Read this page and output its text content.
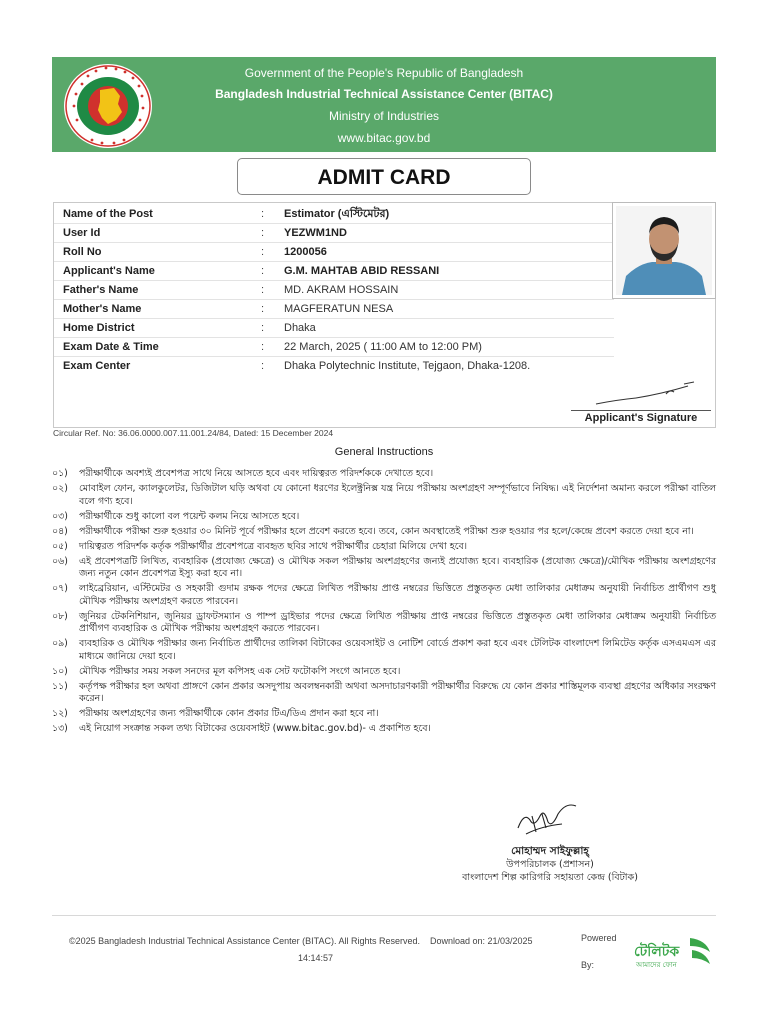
Government of the People's Republic of Bangladesh
Bangladesh Industrial Technical Assistance Center (BITAC)
Ministry of Industries
www.bitac.gov.bd
ADMIT CARD
Name of the Post	: Estimator (এস্টিমেটর)
User Id	: YEZWM1ND
Roll No	: 1200056
Applicant's Name	: G.M. MAHTAB ABID RESSANI
Father's Name	: MD. AKRAM HOSSAIN
Mother's Name	: MAGFERATUN NESA
Home District	: Dhaka
Exam Date & Time	: 22 March, 2025 ( 11:00 AM to 12:00 PM)
Exam Center	: Dhaka Polytechnic Institute, Tejgaon, Dhaka-1208.
Applicant's Signature
Circular Ref. No: 36.06.0000.007.11.001.24/84, Dated: 15 December 2024
General Instructions
০১)	পরীক্ষার্থীকে অবশ্যই প্রবেশপত্র সাথে নিয়ে আসতে হবে এবং দায়িত্বরত পরিদর্শককে দেখাতে হবে।
০২)	মোবাইল ফোন, ক্যালকুলেটর, ডিজিটাল ঘড়ি অথবা যে কোনো ধরণের ইলেক্ট্রনিক্স যন্ত্র নিয়ে পরীক্ষায় অংশগ্রহণ সম্পূর্ণভাবে নিষিদ্ধ। এই নির্দেশনা অমান্য করলে পরীক্ষা বাতিল বলে গণ্য হবে।
০৩)	পরীক্ষার্থীকে শুধু কালো বল পয়েন্ট কলম নিয়ে আসতে হবে।
০৪)	পরীক্ষার্থীকে পরীক্ষা শুরু হওয়ার ৩০ মিনিট পূর্বে পরীক্ষার হলে প্রবেশ করতে হবে। তবে, কোন অবস্থাতেই পরীক্ষা শুরু হওয়ার পর হলে/কেন্দ্রে প্রবেশ করতে দেয়া হবে না।
০৫)	দায়িত্বরত পরিদর্শক কর্তৃক পরীক্ষার্থীর প্রবেশপত্রে ব্যবহৃত ছবির সাথে পরীক্ষার্থীর চেহারা মিলিয়ে দেখা হবে।
০৬)	এই প্রবেশপত্রটি লিখিত, ব্যবহারিক (প্রযোজ্য ক্ষেত্রে) ও মৌখিক সকল পরীক্ষায় অংশগ্রহণের জন্যই প্রযোজ্য হবে। ব্যবহারিক (প্রযোজ্য ক্ষেত্রে)/মৌখিক পরীক্ষায় অংশগ্রহণের জন্য নতুন কোন প্রবেশপত্র ইস্যু করা হবে না।
০৭)	লাইব্রেরিয়ান, এস্টিমেটর ও সহকারী গুদাম রক্ষক পদের ক্ষেত্রে লিখিত পরীক্ষায় প্রাপ্ত নম্বরের ভিত্তিতে প্রস্তুতকৃত মেধা তালিকার মেধাক্রম অনুযায়ী নির্বাচিত প্রার্থীগণ শুধু মৌখিক পরীক্ষায় অংশগ্রহণ করতে পারবেন।
০৮)	জুনিয়র টেকনিশিয়ান, জুনিয়র ড্রাফটসম্যান ও পাম্প ড্রাইভার পদের ক্ষেত্রে লিখিত পরীক্ষায় প্রাপ্ত নম্বরের ভিত্তিতে প্রস্তুতকৃত মেধা তালিকার মেধাক্রম অনুযায়ী নির্বাচিত প্রার্থীগণ ব্যবহারিক ও মৌখিক পরীক্ষায় অংশগ্রহণ করতে পারবেন।
০৯)	ব্যবহারিক ও মৌখিক পরীক্ষার জন্য নির্বাচিত প্রার্থীদের তালিকা বিটাকের ওয়েবসাইট ও নোটিশ বোর্ডে প্রকাশ করা হবে এবং টেলিটক বাংলাদেশ লিমিটেড কর্তৃক এসএমএস এর মাধ্যমে জানিয়ে দেয়া হবে।
১০)	মৌখিক পরীক্ষার সময় সকল সনদের মূল কপিসহ এক সেট ফটোকপি সংগে আনতে হবে।
১১)	কর্তৃপক্ষ পরীক্ষার হল অথবা প্রাঙ্গণে কোন প্রকার অসদুপায় অবলম্বনকারী অথবা অসদাচারণকারী পরীক্ষার্থীর বিরুদ্ধে যে কোন প্রকার শাস্তিমূলক ব্যবস্থা গ্রহণের অধিকার সংরক্ষণ করেন।
১২)	পরীক্ষায় অংশগ্রহণের জন্য পরীক্ষার্থীকে কোন প্রকার টিএ/ডিএ প্রদান করা হবে না।
১৩)	এই নিয়োগ সংক্রান্ত সকল তথ্য বিটাকের ওয়েবসাইট (www.bitac.gov.bd)- এ প্রকাশিত হবে।
মোহাম্মদ সাইফুল্লাহ্
উপপরিচালক (প্রশাসন)
বাংলাদেশ শিল্প কারিগরি সহায়তা কেন্দ্র (বিটাক)
©2025 Bangladesh Industrial Technical Assistance Center (BITAC). All Rights Reserved.    Download on: 21/03/2025
14:14:57
Powered
By:
টেলিটক
আমাদের ফোন
